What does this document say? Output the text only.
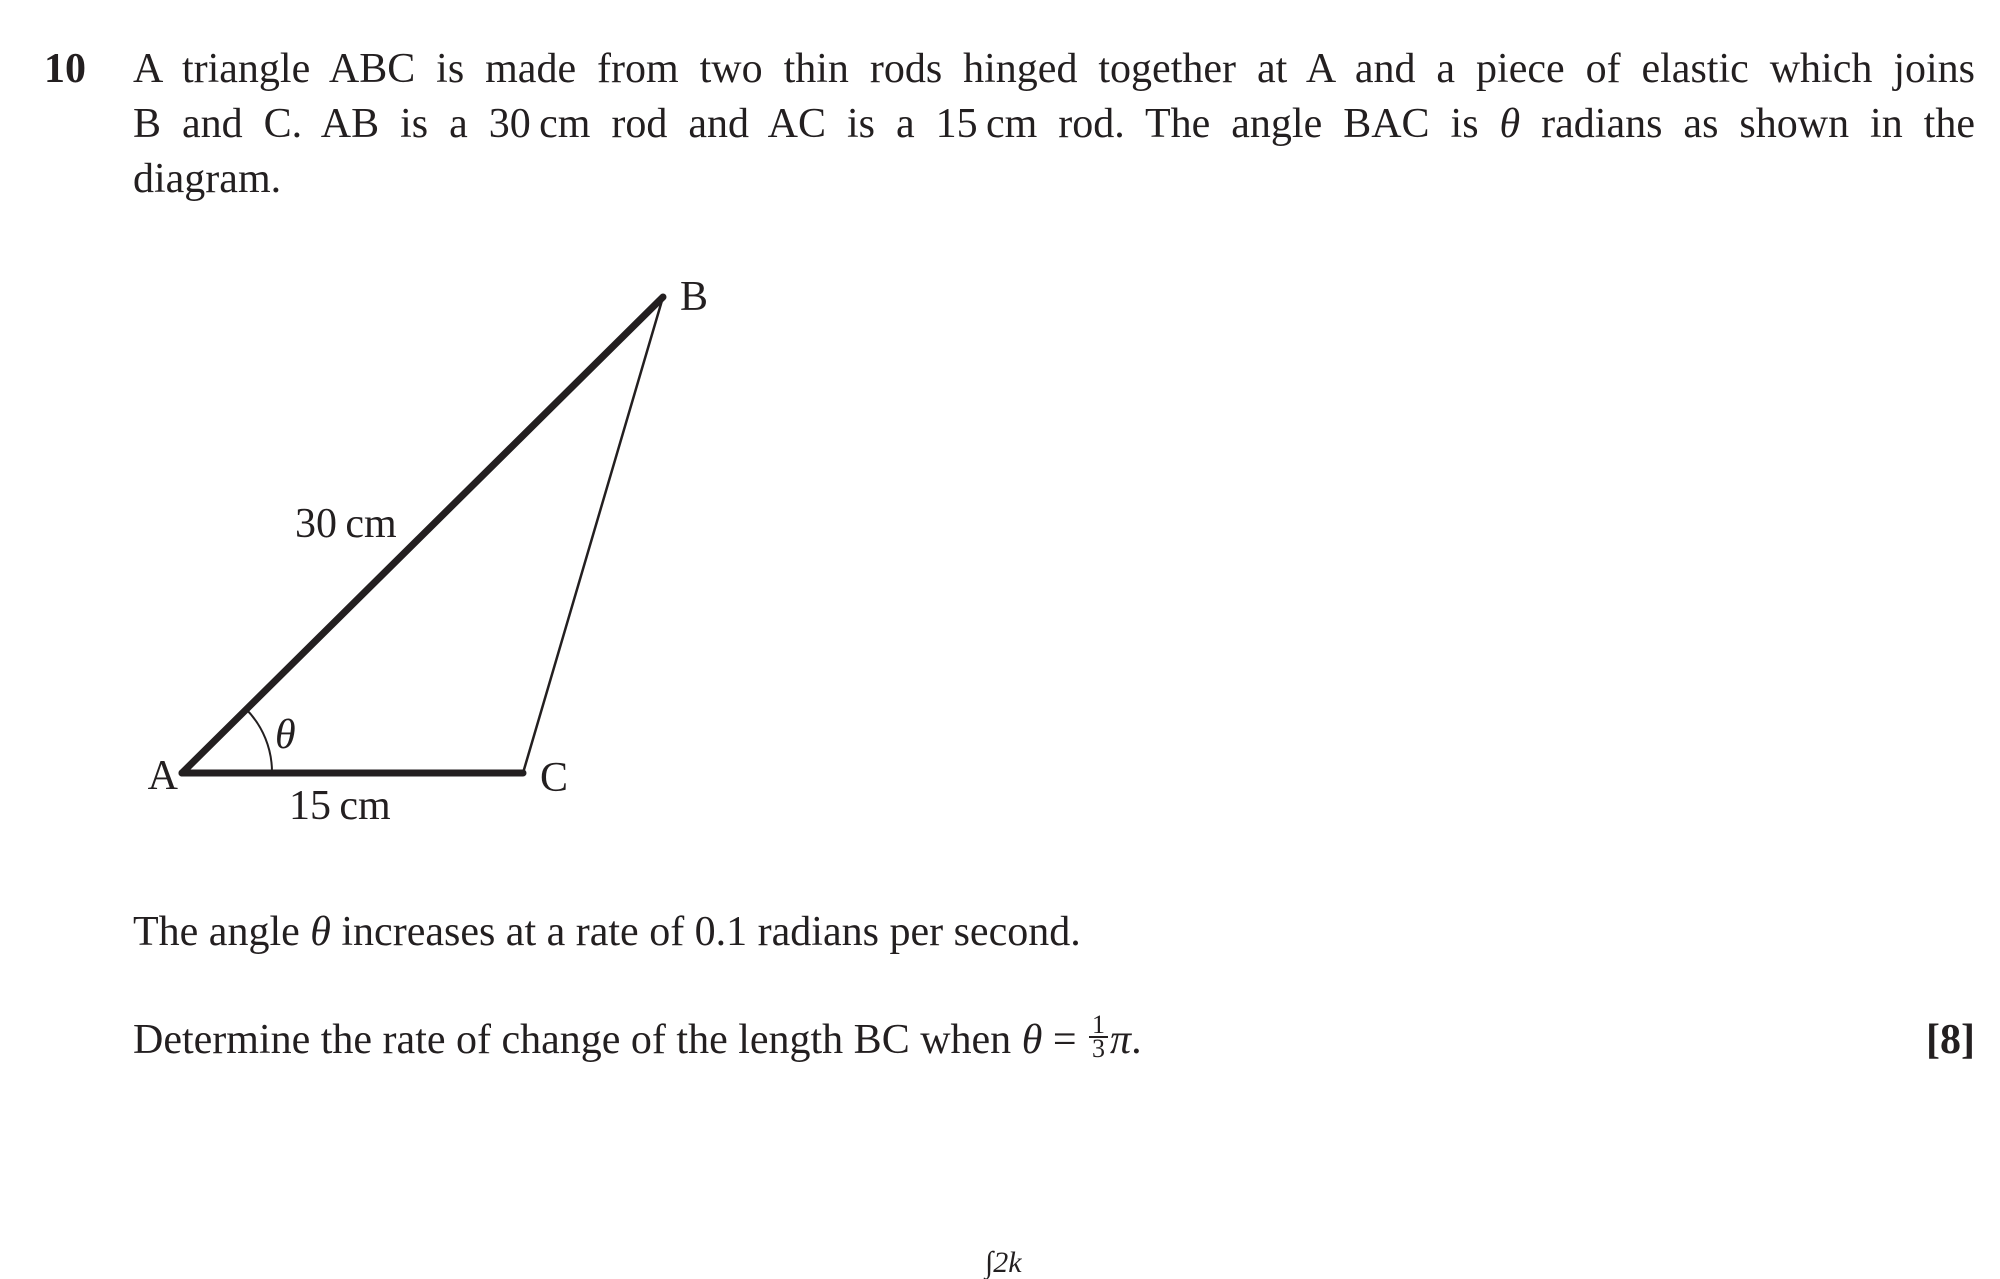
10 A triangle ABC is made from two thin rods hinged together at A and a piece of elastic which joins
B and C. AB is a 30 cm rod and AC is a 15 cm rod. The angle BAC is θ radians as shown in the
diagram.
A
B
C
θ
30 cm
15 cm
The angle θ increases at a rate of 0.1 radians per second.
Determine the rate of change of the length BC when $\theta = \frac{1}{3} \pi$.	[8]
∫2k
